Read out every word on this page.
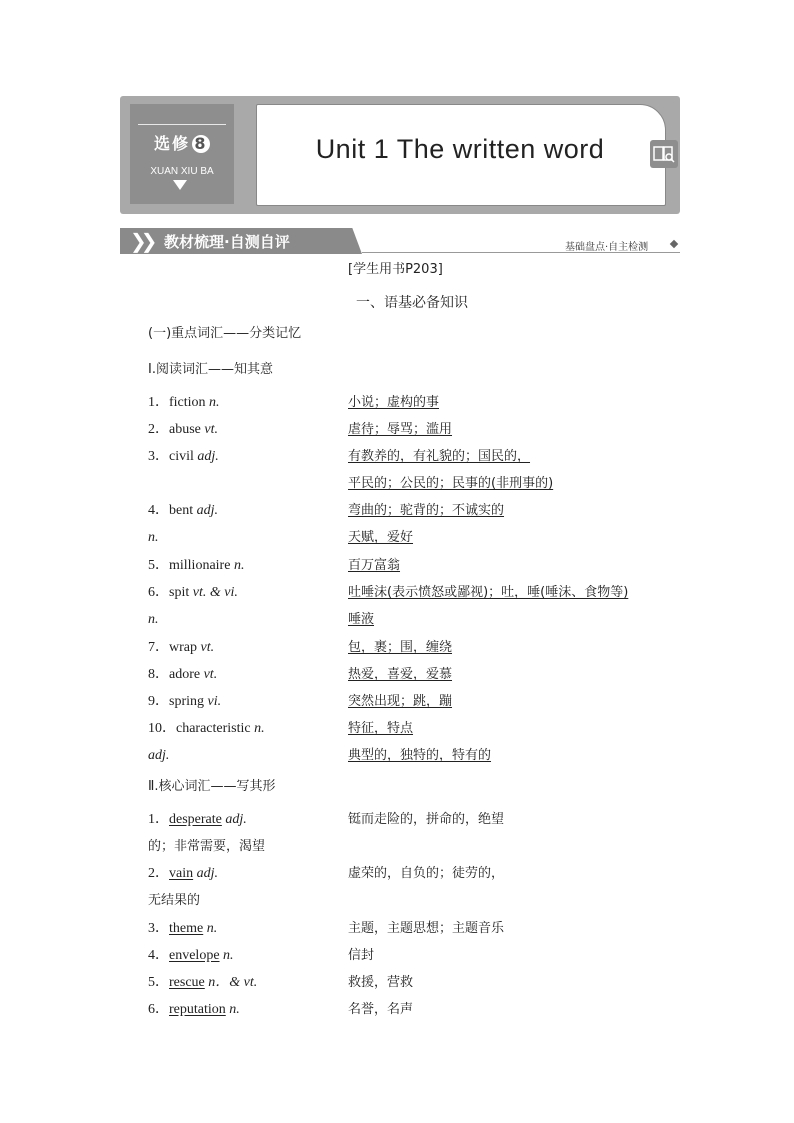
选修 8
XUAN XIU BA
Unit 1 The written word
❯❯ 教材梳理·自测自评	基础盘点·自主检测
[学生用书P203]
一、语基必备知识
(一)重点词汇——分类记忆
Ⅰ.阅读词汇——知其意
1．fiction n.	小说；虚构的事
2．abuse vt.	虐待；辱骂；滥用
3．civil adj.	有教养的，有礼貌的；国民的，
平民的；公民的；民事的(非刑事的)
4．bent adj.	弯曲的；驼背的；不诚实的
n.	天赋，爱好
5．millionaire n.	百万富翁
6．spit vt. & vi.	吐唾沫(表示愤怒或鄙视)；吐，唾(唾沫、食物等)
n.	唾液
7．wrap vt.	包，裹；围，缠绕
8．adore vt.	热爱，喜爱，爱慕
9．spring vi.	突然出现；跳，蹦
10．characteristic n.	特征，特点
adj.	典型的，独特的，特有的
Ⅱ.核心词汇——写其形
1．desperate adj.	铤而走险的，拼命的，绝望
的；非常需要，渴望
2．vain adj.	虚荣的，自负的；徒劳的，
无结果的
3．theme n.	主题，主题思想；主题音乐
4．envelope n.	信封
5．rescue n．& vt.	救援，营救
6．reputation n.	名誉，名声
